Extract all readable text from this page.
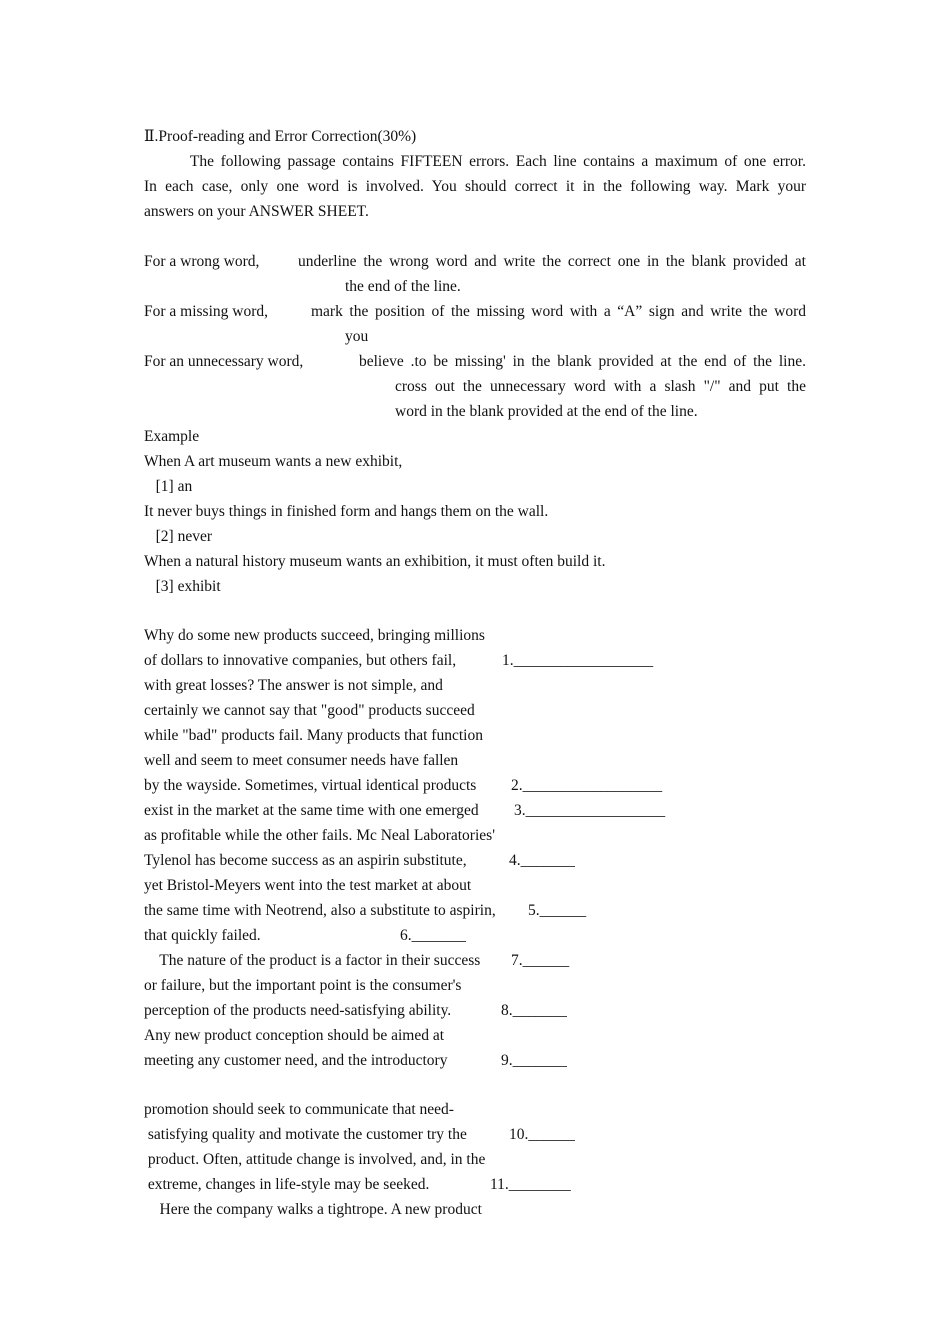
Ⅱ.Proof-reading and Error Correction(30%)
The following passage contains FIFTEEN errors. Each line contains a maximum of one error.
In each case, only one word is involved. You should correct it in the following way. Mark your
answers on your ANSWER SHEET.
For a wrong word, underline the wrong word and write the correct one in the blank provided at
the end of the line.
For a missing word,	mark the position of the missing word with a “A” sign and write the word
you
For an unnecessary word,	believe .to be missing' in the blank provided at the end of the line.
cross out the unnecessary word with a slash "/" and put the
word in the blank provided at the end of the line.
Example
When A art museum wants a new exhibit,
[1] an
It never buys things in finished form and hangs them on the wall.
[2] never
When a natural history museum wants an exhibition, it must often build it.
[3] exhibit
Why do some new products succeed, bringing millions
of dollars to innovative companies, but others fail,	1.__________________
with great losses? The answer is not simple, and
certainly we cannot say that "good" products succeed
while "bad" products fail. Many products that function
well and seem to meet consumer needs have fallen
by the wayside. Sometimes, virtual identical products 2.__________________
exist in the market at the same time with one emerged 3.__________________
as profitable while the other fails. Mc Neal Laboratories'
Tylenol has become success as an aspirin substitute,	4._______
yet Bristol-Meyers went into the test market at about
the same time with Neotrend, also a substitute to aspirin, 5.______
that quickly failed.	6._______
The nature of the product is a factor in their success 7.______
or failure, but the important point is the consumer's
perception of the products need-satisfying ability.	8._______
Any new product conception should be aimed at
meeting any customer need, and the introductory	9._______
promotion should seek to communicate that need-
satisfying quality and motivate the customer try the	10.______
product. Often, attitude change is involved, and, in the
extreme, changes in life-style may be seeked.	11.________
Here the company walks a tightrope. A new product
